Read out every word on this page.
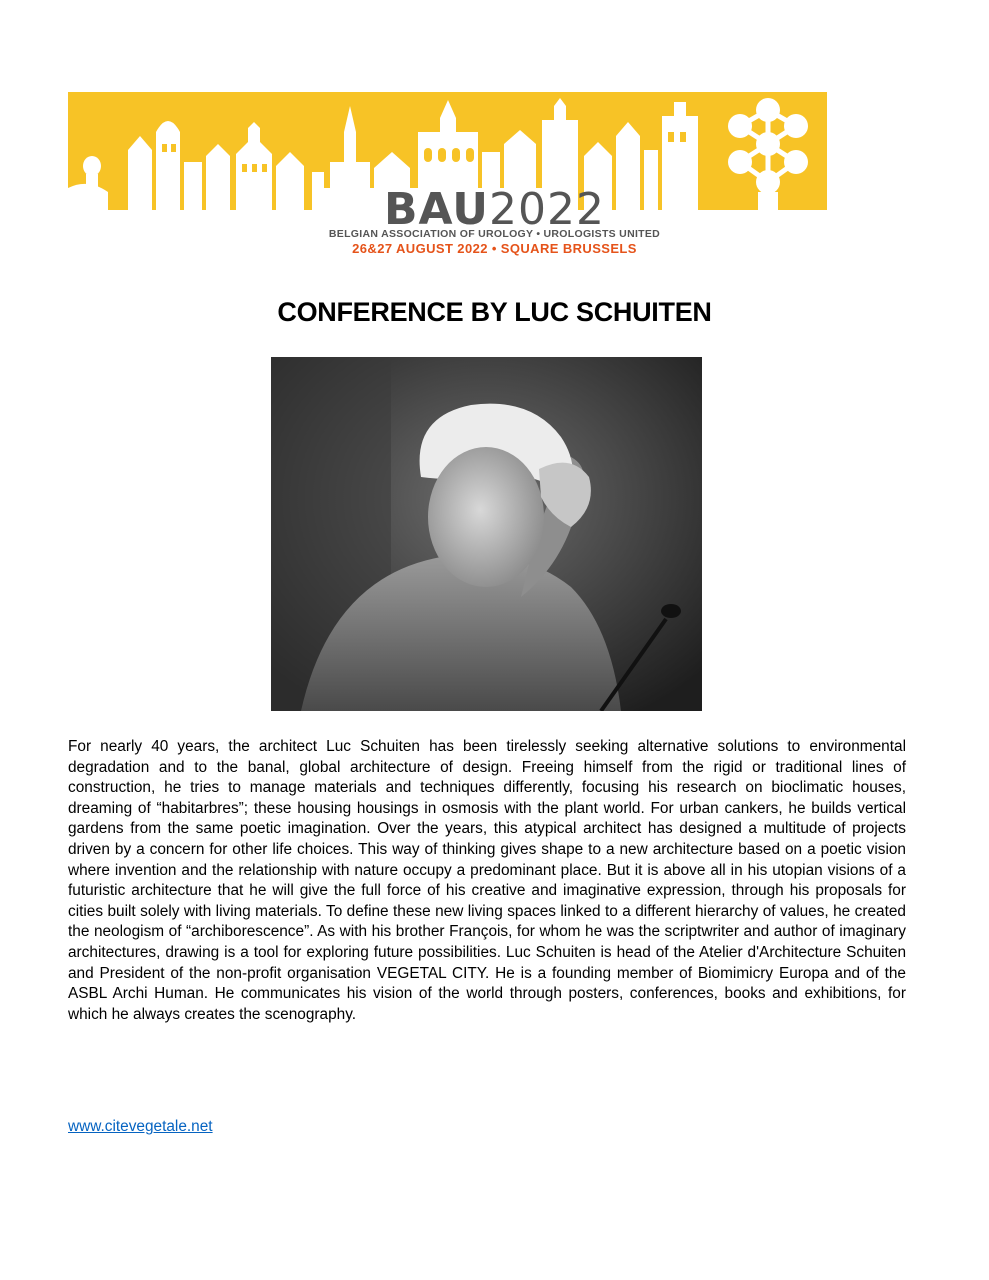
BAU2022
BELGIAN ASSOCIATION OF UROLOGY • UROLOGISTS UNITED
26&27 AUGUST 2022 • SQUARE BRUSSELS
CONFERENCE BY LUC SCHUITEN

For nearly 40 years, the architect Luc Schuiten has been tirelessly seeking alternative solutions to environmental degradation and to the banal, global architecture of design. Freeing himself from the rigid or traditional lines of construction, he tries to manage materials and techniques differently, focusing his research on bioclimatic houses, dreaming of “habitarbres”; these housing housings in osmosis with the plant world. For urban cankers, he builds vertical gardens from the same poetic imagination. Over the years, this atypical architect has designed a multitude of projects driven by a concern for other life choices. This way of thinking gives shape to a new architecture based on a poetic vision where invention and the relationship with nature occupy a predominant place. But it is above all in his utopian visions of a futuristic architecture that he will give the full force of his creative and imaginative expression, through his proposals for cities built solely with living materials. To define these new living spaces linked to a different hierarchy of values, he created the neologism of “archiborescence”. As with his brother François, for whom he was the scriptwriter and author of imaginary architectures, drawing is a tool for exploring future possibilities. Luc Schuiten is head of the Atelier d'Architecture Schuiten and President of the non-profit organisation VEGETAL CITY. He is a founding member of Biomimicry Europa and of the ASBL Archi Human. He communicates his vision of the world through posters, conferences, books and exhibitions, for which he always creates the scenography.

www.citevegetale.net
